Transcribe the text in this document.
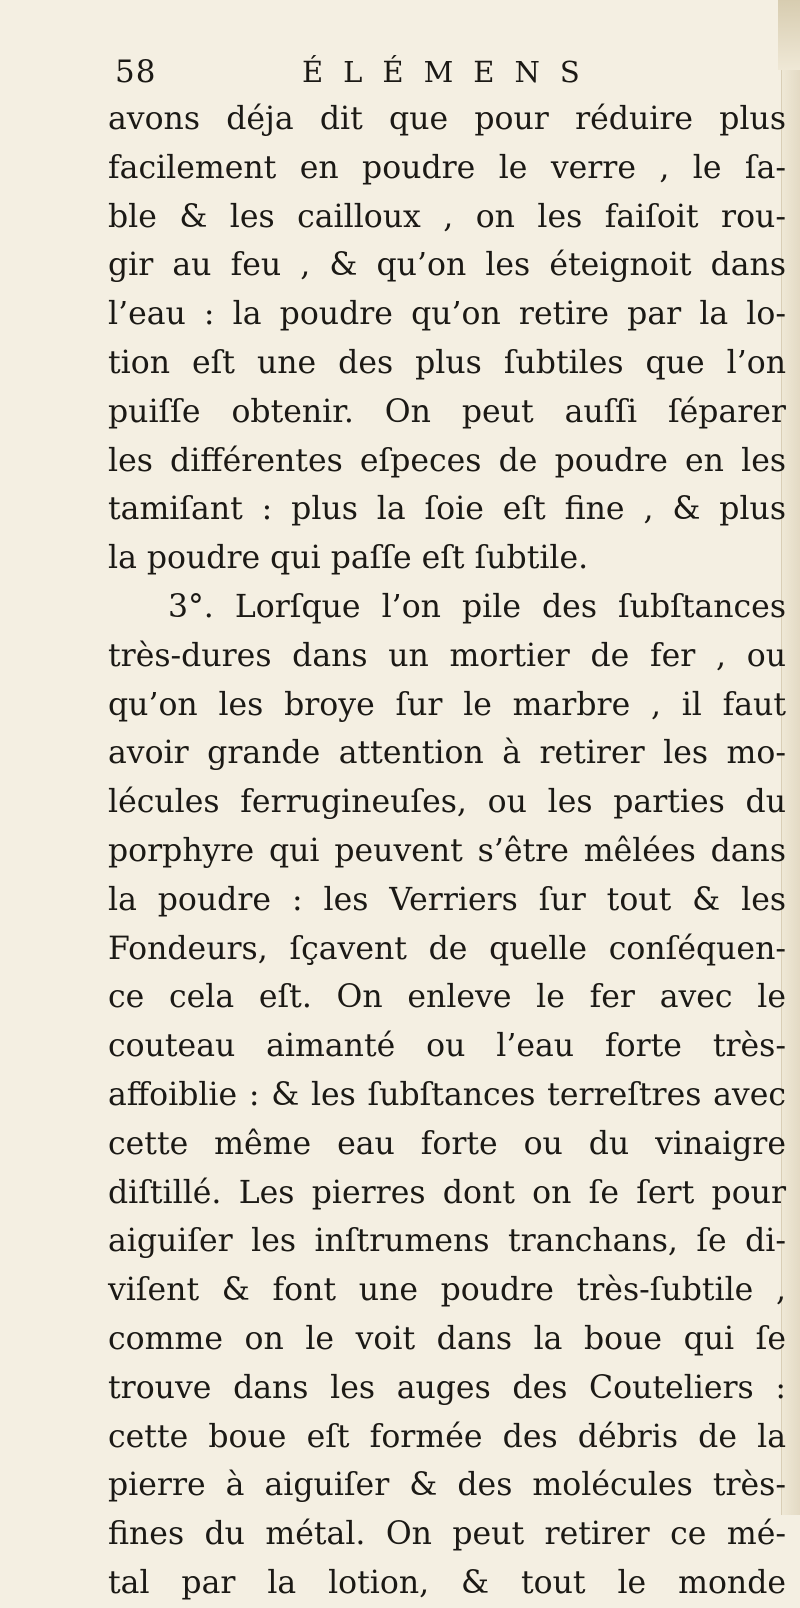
58	ÉLÉMENS
avons déja dit que pour réduire plus
facilement en poudre le verre , le ſa-
ble & les cailloux , on les faiſoit rou-
gir au feu , & qu’on les éteignoit dans
l’eau : la poudre qu’on retire par la lo-
tion eſt une des plus ſubtiles que l’on
puiſſe obtenir. On peut auſſi ſéparer
les différentes eſpeces de poudre en les
tamiſant : plus la ſoie eſt fine , & plus
la poudre qui paſſe eſt ſubtile.
3°. Lorſque l’on pile des ſubſtances
très-dures dans un mortier de fer , ou
qu’on les broye ſur le marbre , il faut
avoir grande attention à retirer les mo-
lécules ferrugineuſes, ou les parties du
porphyre qui peuvent s’être mêlées dans
la poudre : les Verriers ſur tout & les
Fondeurs, ſçavent de quelle conſéquen-
ce cela eſt. On enleve le fer avec le
couteau aimanté ou l’eau forte très-
affoiblie : & les ſubſtances terreſtres avec
cette même eau forte ou du vinaigre
diſtillé. Les pierres dont on ſe ſert pour
aiguiſer les inſtrumens tranchans, ſe di-
viſent & font une poudre très-ſubtile ,
comme on le voit dans la boue qui ſe
trouve dans les auges des Couteliers :
cette boue eſt formée des débris de la
pierre à aiguiſer & des molécules très-
fines du métal. On peut retirer ce mé-
tal par la lotion, & tout le monde
